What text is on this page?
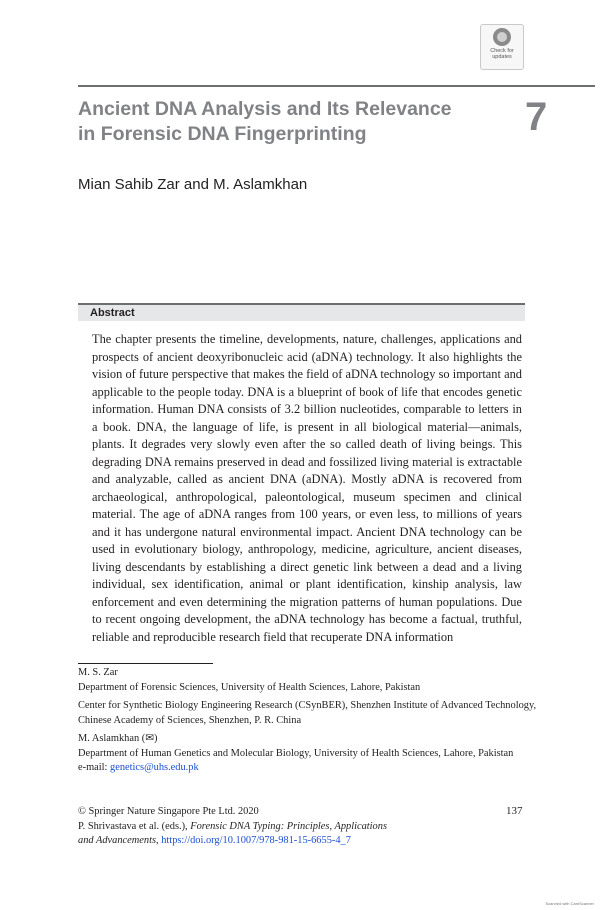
Check for
updates
Ancient DNA Analysis and Its Relevance
in Forensic DNA Fingerprinting	7

Mian Sahib Zar and M. Aslamkhan

Abstract

The chapter presents the timeline, developments, nature, challenges, applications and prospects of ancient deoxyribonucleic acid (aDNA) technology. It also highlights the vision of future perspective that makes the field of aDNA technology so important and applicable to the people today. DNA is a blueprint of book of life that encodes genetic information. Human DNA consists of 3.2 billion nucleotides, comparable to letters in a book. DNA, the language of life, is present in all biological material—animals, plants. It degrades very slowly even after the so called death of living beings. This degrading DNA remains preserved in dead and fossilized living material is extractable and analyzable, called as ancient DNA (aDNA). Mostly aDNA is recovered from archaeological, anthropological, paleontological, museum specimen and clinical material. The age of aDNA ranges from 100 years, or even less, to millions of years and it has undergone natural environmental impact. Ancient DNA technology can be used in evolutionary biology, anthropology, medicine, agriculture, ancient diseases, living descendants by establishing a direct genetic link between a dead and a living individual, sex identification, animal or plant identification, kinship analysis, law enforcement and even determining the migration patterns of human populations. Due to recent ongoing development, the aDNA technology has become a factual, truthful, reliable and reproducible research field that recuperate DNA information

M. S. Zar

Department of Forensic Sciences, University of Health Sciences, Lahore, Pakistan

Center for Synthetic Biology Engineering Research (CSynBER), Shenzhen Institute of Advanced Technology, Chinese Academy of Sciences, Shenzhen, P. R. China

M. Aslamkhan (✉)

Department of Human Genetics and Molecular Biology, University of Health Sciences, Lahore, Pakistan

e-mail: genetics@uhs.edu.pk

© Springer Nature Singapore Pte Ltd. 2020

P. Shrivastava et al. (eds.), Forensic DNA Typing: Principles, Applications

and Advancements, https://doi.org/10.1007/978-981-15-6655-4_7

137
Scanned with CamScanner
